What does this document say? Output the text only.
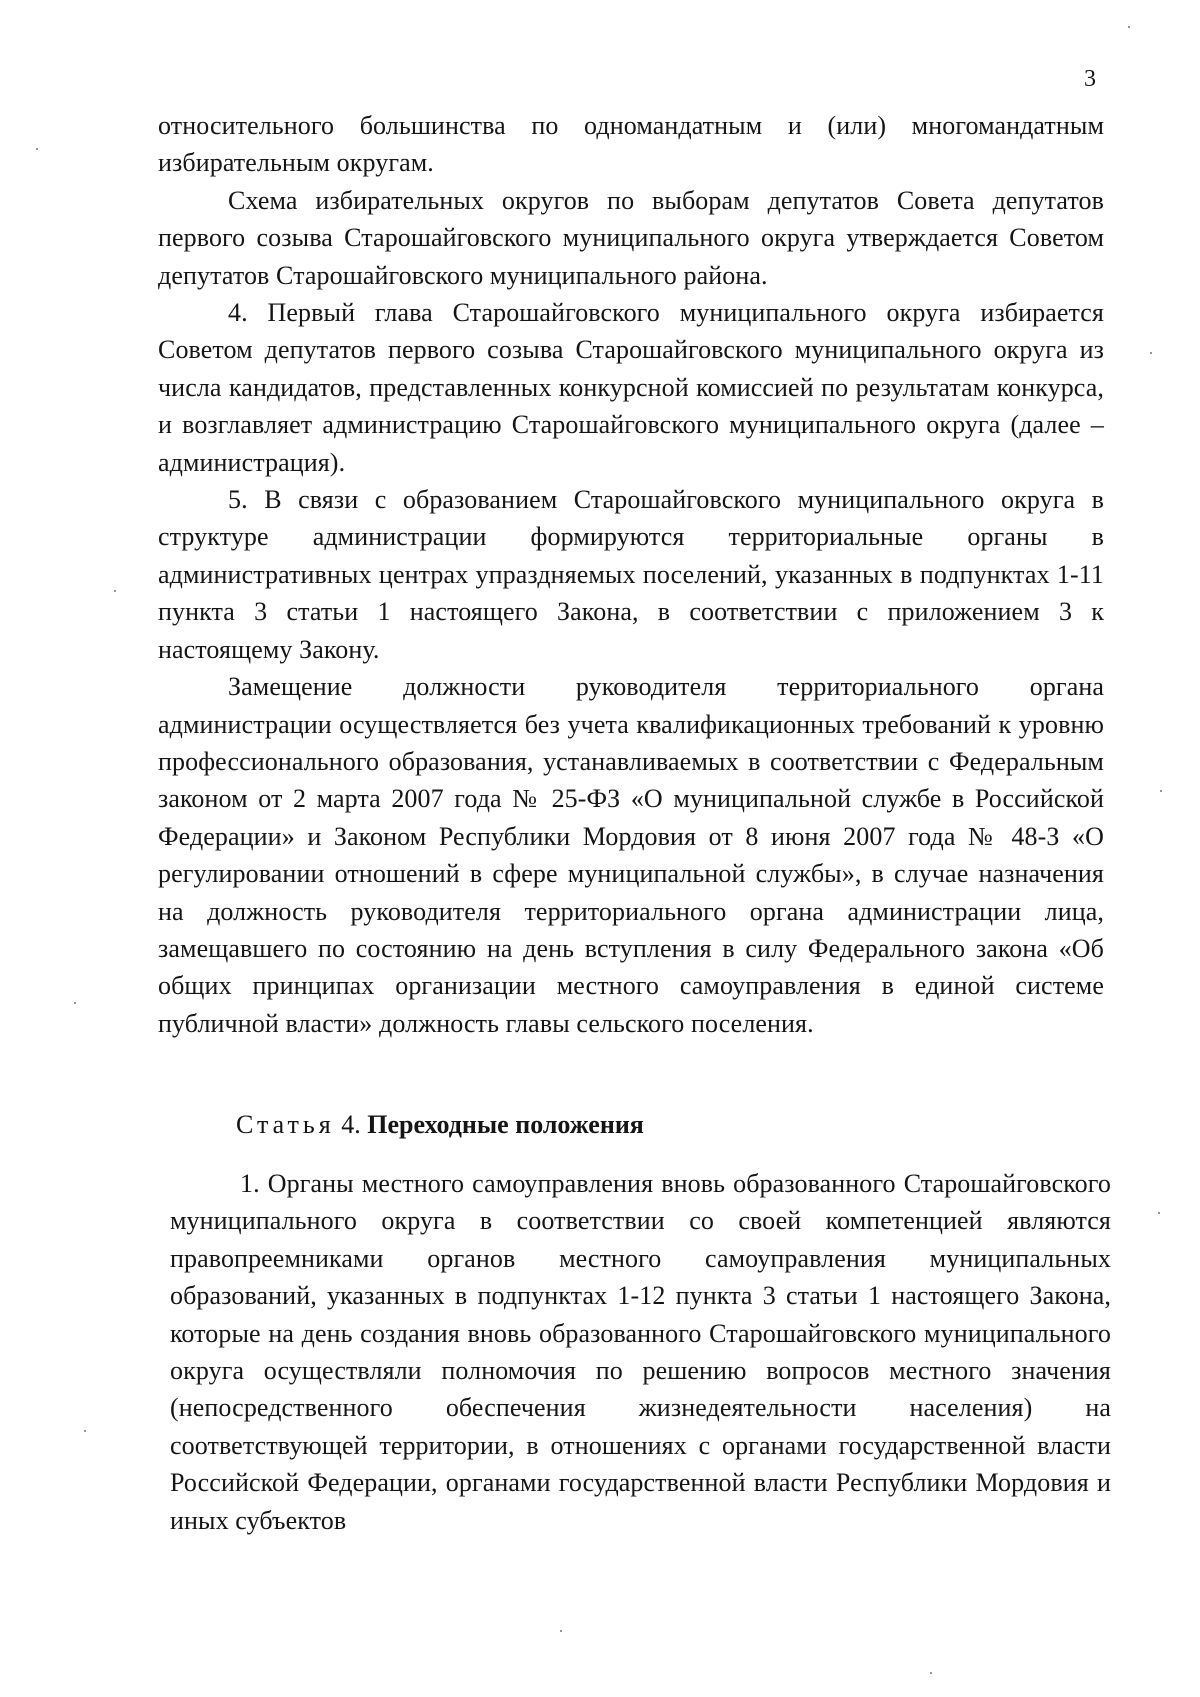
3

относительного большинства по одномандатным и (или) многомандатным избирательным округам.

Схема избирательных округов по выборам депутатов Совета депутатов первого созыва Старошайговского муниципального округа утверждается Советом депутатов Старошайговского муниципального района.

4. Первый глава Старошайговского муниципального округа избирается Советом депутатов первого созыва Старошайговского муниципального округа из числа кандидатов, представленных конкурсной комиссией по результатам конкурса, и возглавляет администрацию Старошайговского муниципального округа (далее – администрация).

5. В связи с образованием Старошайговского муниципального округа в структуре администрации формируются территориальные органы в административных центрах упраздняемых поселений, указанных в подпунктах 1-11 пункта 3 статьи 1 настоящего Закона, в соответствии с приложением 3 к настоящему Закону.

Замещение должности руководителя территориального органа администрации осуществляется без учета квалификационных требований к уровню профессионального образования, устанавливаемых в соответствии с Федеральным законом от 2 марта 2007 года № 25-ФЗ «О муниципальной службе в Российской Федерации» и Законом Республики Мордовия от 8 июня 2007 года № 48-З «О регулировании отношений в сфере муниципальной службы», в случае назначения на должность руководителя территориального органа администрации лица, замещавшего по состоянию на день вступления в силу Федерального закона «Об общих принципах организации местного самоуправления в единой системе публичной власти» должность главы сельского поселения.

Статья 4. Переходные положения

1. Органы местного самоуправления вновь образованного Старошайговского муниципального округа в соответствии со своей компетенцией являются правопреемниками органов местного самоуправления муниципальных образований, указанных в подпунктах 1-12 пункта 3 статьи 1 настоящего Закона, которые на день создания вновь образованного Старошайговского муниципального округа осуществляли полномочия по решению вопросов местного значения (непосредственного обеспечения жизнедеятельности населения) на соответствующей территории, в отношениях с органами государственной власти Российской Федерации, органами государственной власти Республики Мордовия и иных субъектов
